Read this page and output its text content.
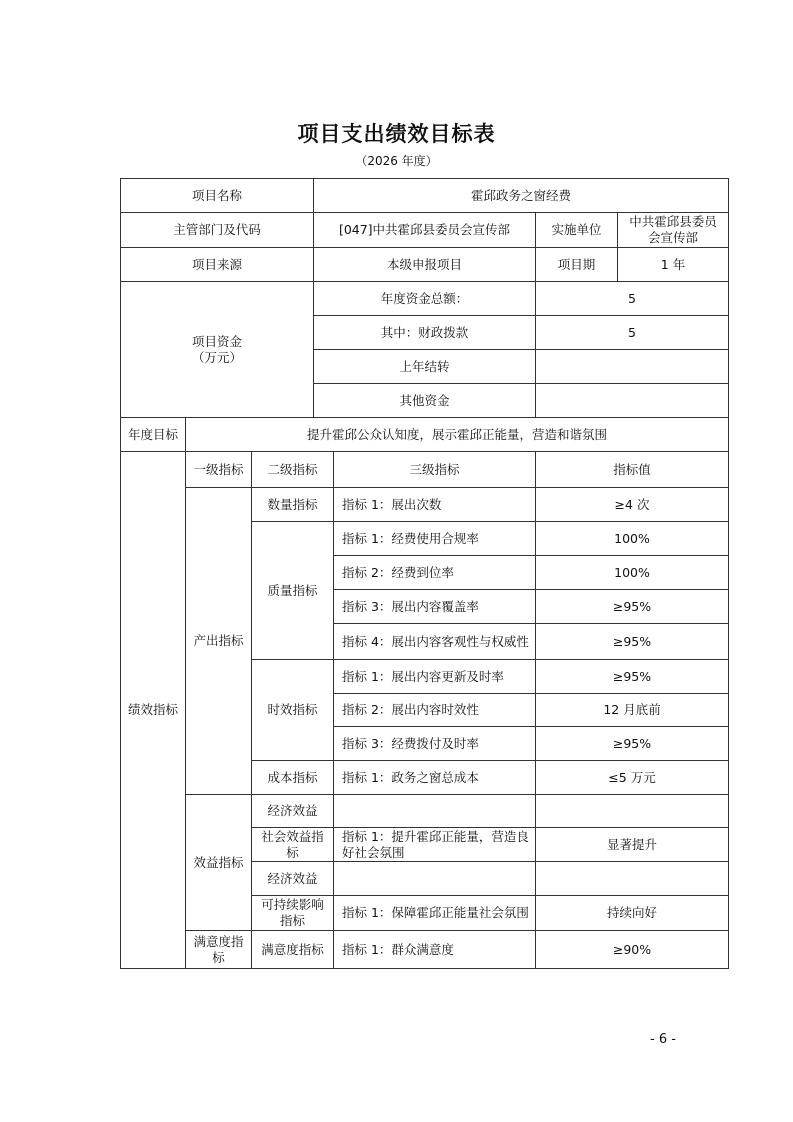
项目支出绩效目标表
（2026 年度）
项目名称			霍邱政务之窗经费			
主管部门及代码			[047]中共霍邱县委员会宣传部		实施单位	中共霍邱县委员会宣传部
项目来源			本级申报项目		项目期	1 年
项目资金（万元）			年度资金总额：		5	
			其中：财政拨款		5	
			上年结转			
			其他资金			
年度目标	提升霍邱公众认知度，展示霍邱正能量，营造和谐氛围					
绩效指标	一级指标	二级指标		三级指标	指标值	
	产出指标	数量指标		指标 1：展出次数	≥4 次	
		质量指标		指标 1：经费使用合规率	100%	
				指标 2：经费到位率	100%	
				指标 3：展出内容覆盖率	≥95%	
				指标 4：展出内容客观性与权威性	≥95%	
		时效指标		指标 1：展出内容更新及时率	≥95%	
				指标 2：展出内容时效性	12 月底前	
				指标 3：经费拨付及时率	≥95%	
		成本指标		指标 1：政务之窗总成本	≤5 万元	
	效益指标	经济效益				
		社会效益指标		指标 1：提升霍邱正能量，营造良好社会氛围	显著提升	
		经济效益				
		可持续影响指标		指标 1：保障霍邱正能量社会氛围	持续向好	
	满意度指标	满意度指标		指标 1：群众满意度	≥90%	
- 6 -
